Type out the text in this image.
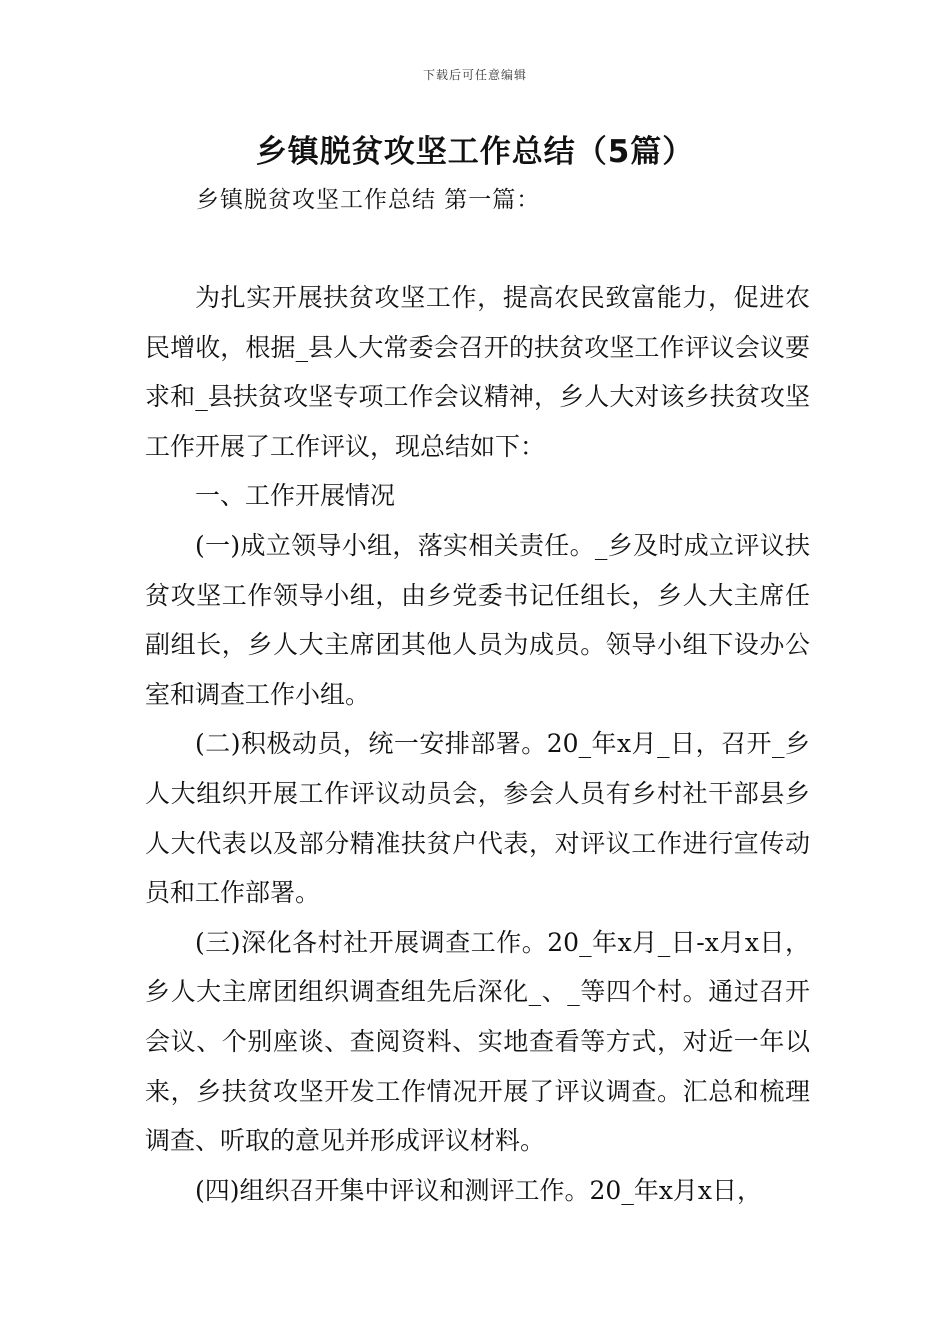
下载后可任意编辑
乡镇脱贫攻坚工作总结（5篇）
乡镇脱贫攻坚工作总结 第一篇：

为扎实开展扶贫攻坚工作，提高农民致富能力，促进农民增收，根据_县人大常委会召开的扶贫攻坚工作评议会议要求和_县扶贫攻坚专项工作会议精神，乡人大对该乡扶贫攻坚工作开展了工作评议，现总结如下：

一、工作开展情况

(一)成立领导小组，落实相关责任。_乡及时成立评议扶贫攻坚工作领导小组，由乡党委书记任组长，乡人大主席任副组长，乡人大主席团其他人员为成员。领导小组下设办公室和调查工作小组。

(二)积极动员，统一安排部署。20_年x月_日，召开_乡人大组织开展工作评议动员会，参会人员有乡村社干部县乡人大代表以及部分精准扶贫户代表，对评议工作进行宣传动员和工作部署。

(三)深化各村社开展调查工作。20_年x月_日-x月x日，乡人大主席团组织调查组先后深化_、_等四个村。通过召开会议、个别座谈、查阅资料、实地查看等方式，对近一年以来，乡扶贫攻坚开发工作情况开展了评议调查。汇总和梳理调查、听取的意见并形成评议材料。

(四)组织召开集中评议和测评工作。20_年x月x日，
